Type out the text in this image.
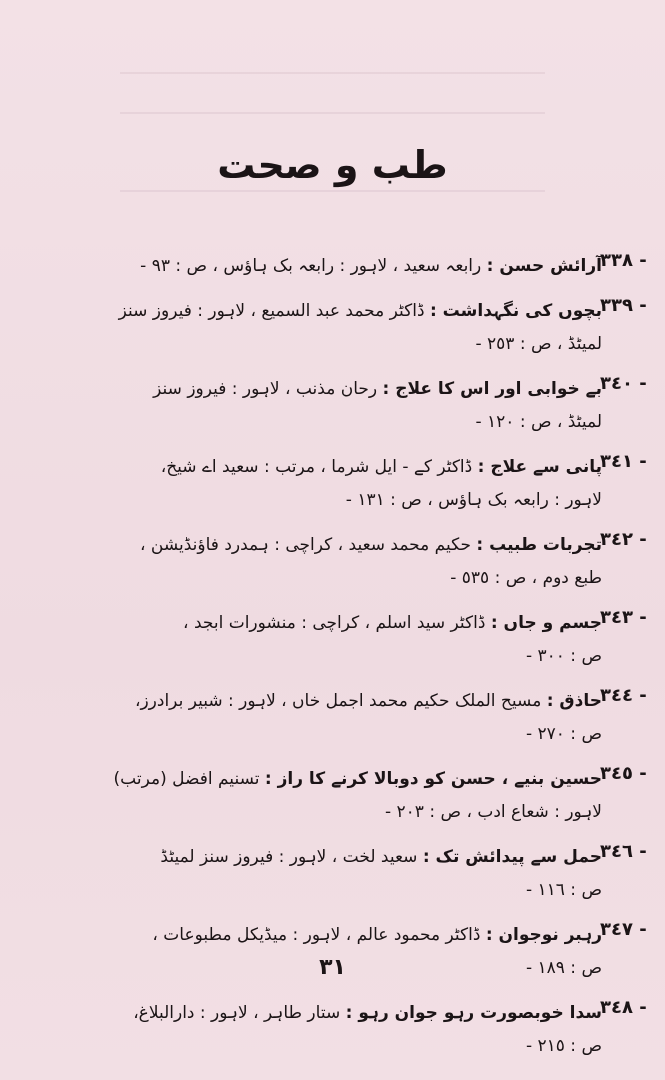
طب و صحت
٣٣٨ -
آرائش حسن : رابعہ سعید ، لاہور : رابعہ بک ہاؤس ، ص : ٩٣ -
٣٣٩ -
بچوں کی نگہداشت : ڈاکٹر محمد عبد السمیع ، لاہور : فیروز سنز
لمیٹڈ ، ص : ٢٥٣ -
٣٤٠ -
بے خوابی اور اس کا علاج : رحان مذنب ، لاہور : فیروز سنز
لمیٹڈ ، ص : ١٢٠ -
٣٤١ -
پانی سے علاج : ڈاکٹر کے - ایل شرما ، مرتب : سعید اے شیخ،
لاہور : رابعہ بک ہاؤس ، ص : ١٣١ -
٣٤٢ -
تجربات طبیب : حکیم محمد سعید ، کراچی : ہمدرد فاؤنڈیشن ،
طبع دوم ، ص : ٥٣٥ -
٣٤٣ -
جسم و جاں : ڈاکٹر سید اسلم ، کراچی : منشورات ابجد ،
ص : ٣٠٠ -
٣٤٤ -
حاذق : مسیح الملک حکیم محمد اجمل خاں ، لاہور : شبیر برادرز،
ص : ٢٧٠ -
٣٤٥ -
حسین بنیے ، حسن کو دوبالا کرنے کا راز : تسنیم افضل (مرتب)
لاہور : شعاع ادب ، ص : ٢٠٣ -
٣٤٦ -
حمل سے پیدائش تک : سعید لخت ، لاہور : فیروز سنز لمیٹڈ
ص : ١١٦ -
٣٤٧ -
رہبر نوجوان : ڈاکٹر محمود عالم ، لاہور : میڈیکل مطبوعات ،
ص : ١٨٩ -
٣٤٨ -
سدا خوبصورت رہو جوان رہو : ستار طاہر ، لاہور : دارالبلاغ،
ص : ٢١٥ -
٣١
